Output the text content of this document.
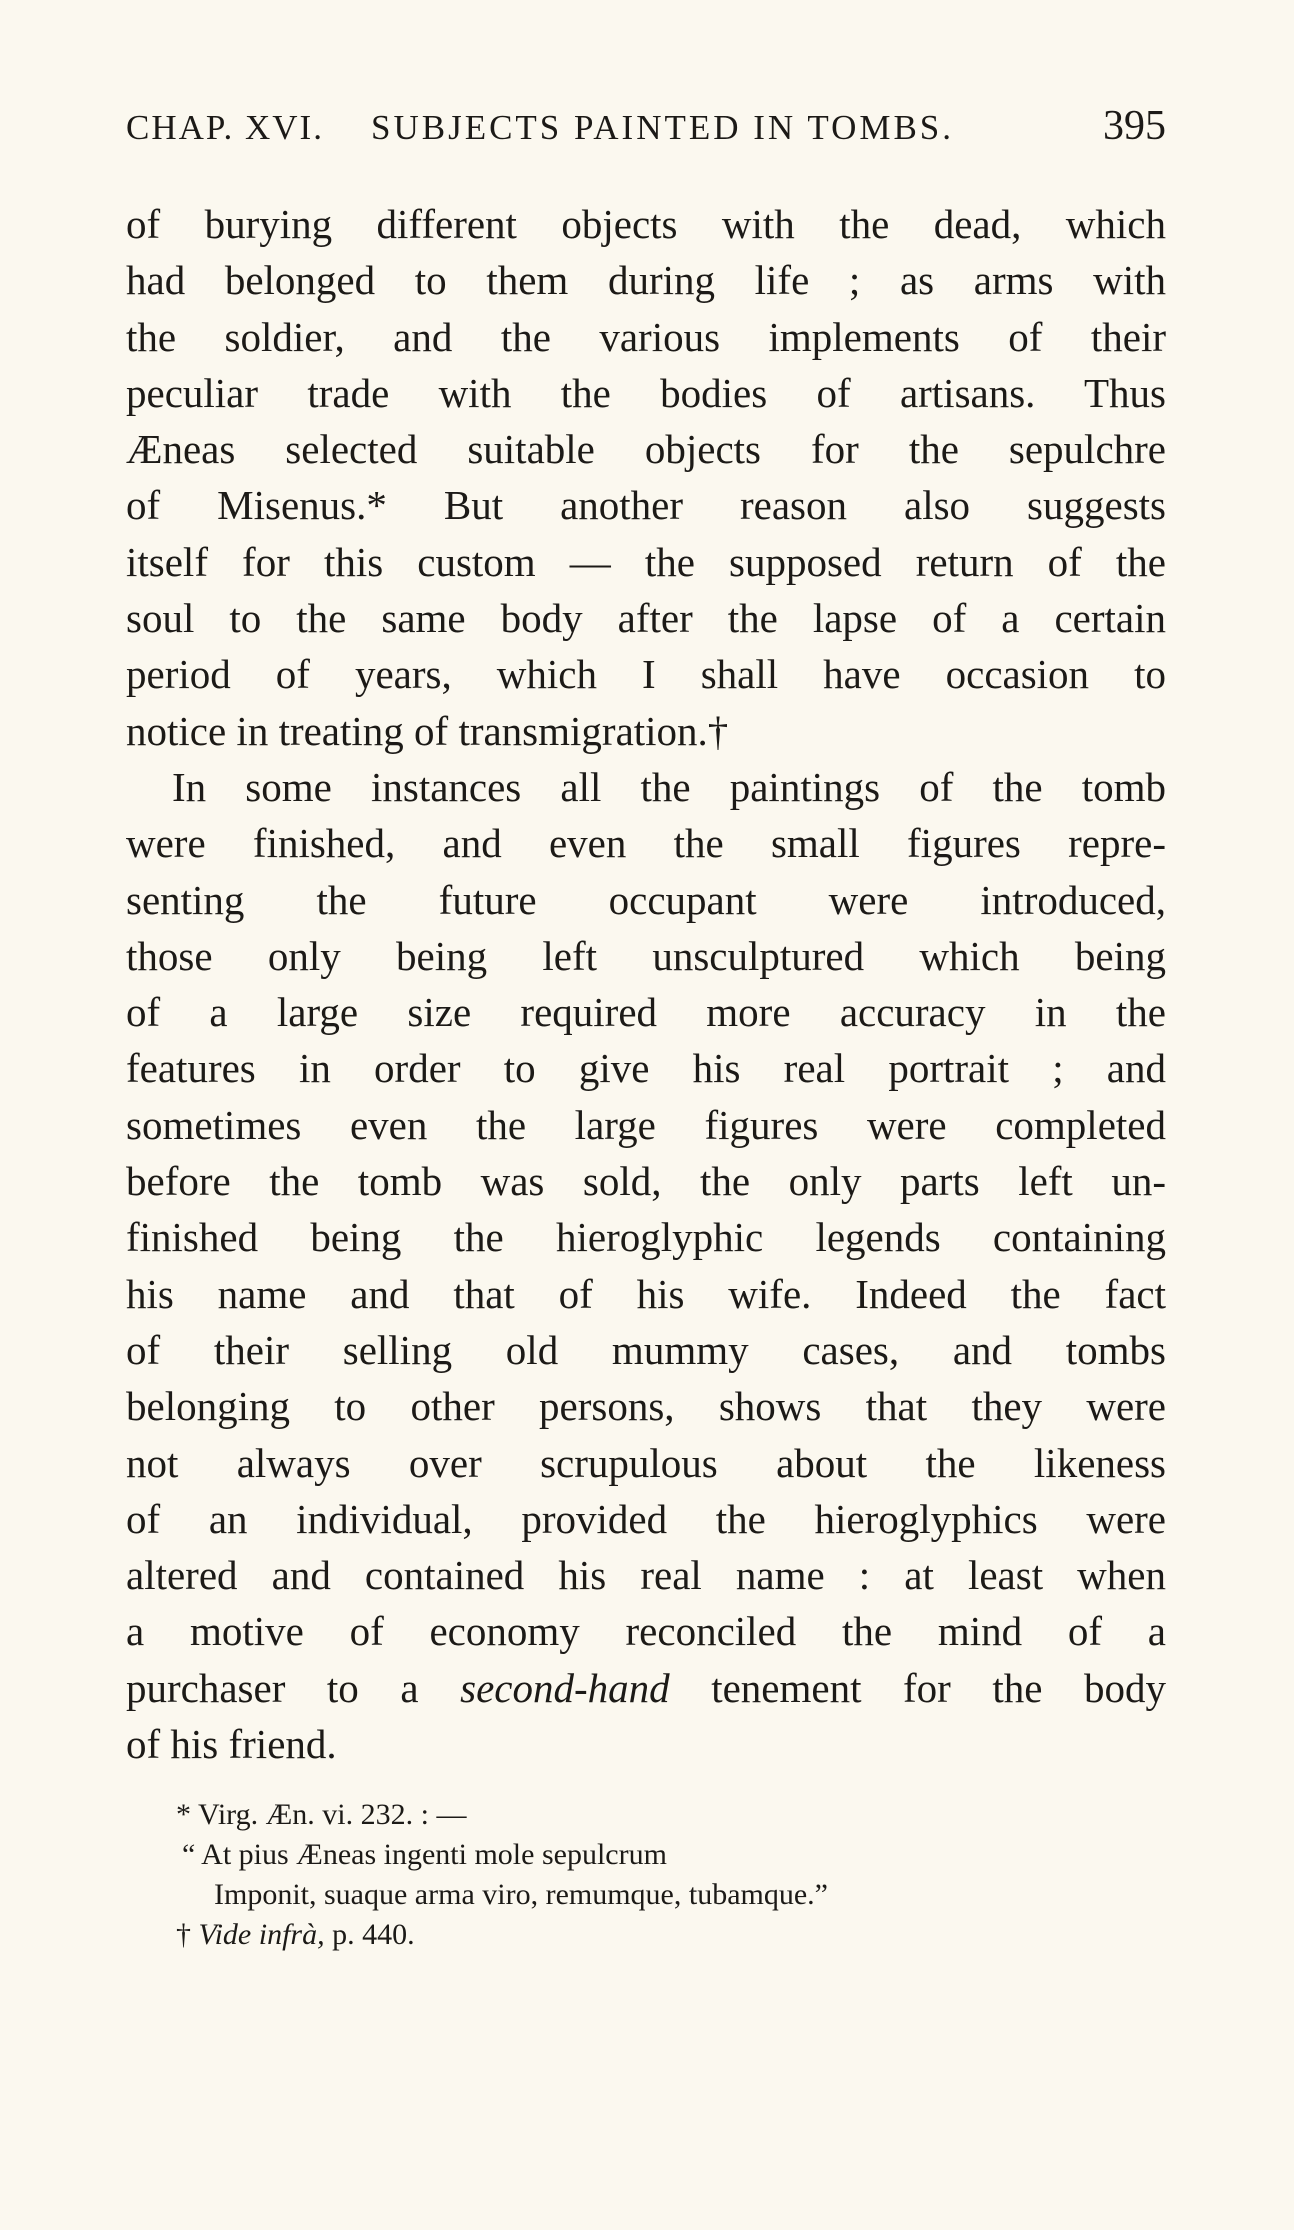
CHAP. XVI. SUBJECTS PAINTED IN TOMBS.	395
of burying different objects with the dead, which
had belonged to them during life ; as arms with
the soldier, and the various implements of their
peculiar trade with the bodies of artisans. Thus
Æneas selected suitable objects for the sepulchre
of Misenus.* But another reason also suggests
itself for this custom — the supposed return of the
soul to the same body after the lapse of a certain
period of years, which I shall have occasion to
notice in treating of transmigration.†
In some instances all the paintings of the tomb
were finished, and even the small figures repre-
senting the future occupant were introduced,
those only being left unsculptured which being
of a large size required more accuracy in the
features in order to give his real portrait ; and
sometimes even the large figures were completed
before the tomb was sold, the only parts left un-
finished being the hieroglyphic legends containing
his name and that of his wife. Indeed the fact
of their selling old mummy cases, and tombs
belonging to other persons, shows that they were
not always over scrupulous about the likeness
of an individual, provided the hieroglyphics were
altered and contained his real name : at least when
a motive of economy reconciled the mind of a
purchaser to a second-hand tenement for the body
of his friend.
* Virg. Æn. vi. 232. : —
“ At pius Æneas ingenti mole sepulcrum
Imponit, suaque arma viro, remumque, tubamque.”
† Vide infrà, p. 440.
